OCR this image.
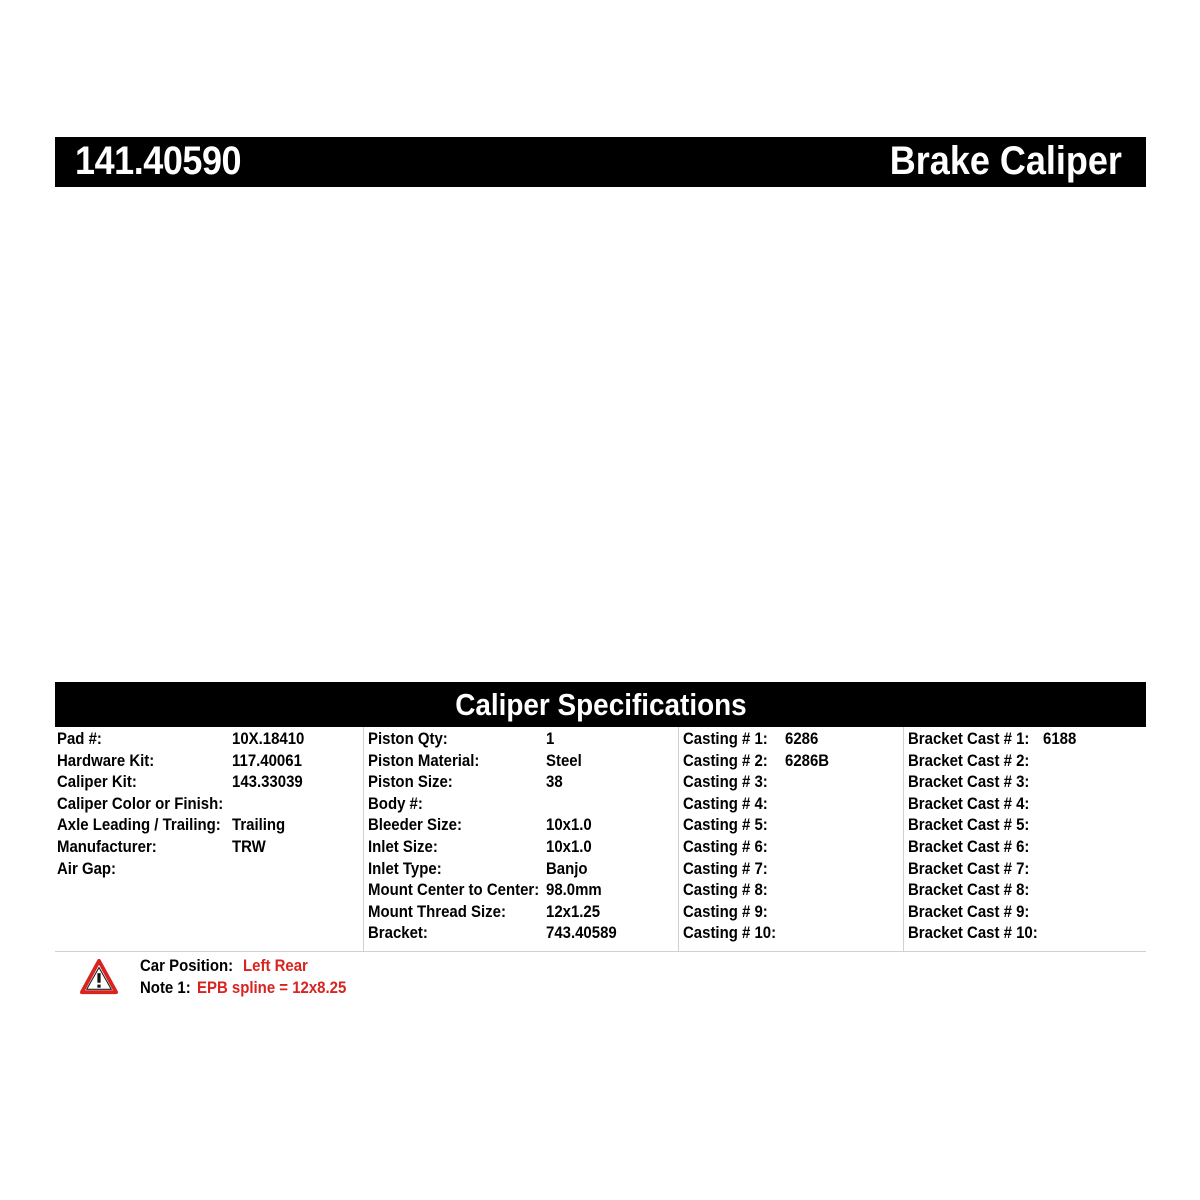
141.40590	Brake Caliper
Caliper Specifications
Pad #:	10X.18410
Hardware Kit:	117.40061
Caliper Kit:	143.33039
Caliper Color or Finish:
Axle Leading / Trailing: Trailing
Manufacturer:	TRW
Air Gap:
Piston Qty:	1
Piston Material:	Steel
Piston Size:	38
Body #:
Bleeder Size:	10x1.0
Inlet Size:	10x1.0
Inlet Type:	Banjo
Mount Center to Center: 98.0mm
Mount Thread Size: 12x1.25
Bracket:	743.40589
Casting # 1: 6286
Casting # 2: 6286B
Casting # 3:
Casting # 4:
Casting # 5:
Casting # 6:
Casting # 7:
Casting # 8:
Casting # 9:
Casting # 10:
Bracket Cast # 1: 6188
Bracket Cast # 2:
Bracket Cast # 3:
Bracket Cast # 4:
Bracket Cast # 5:
Bracket Cast # 6:
Bracket Cast # 7:
Bracket Cast # 8:
Bracket Cast # 9:
Bracket Cast # 10:
Car Position: Left Rear
Note 1: EPB spline = 12x8.25
